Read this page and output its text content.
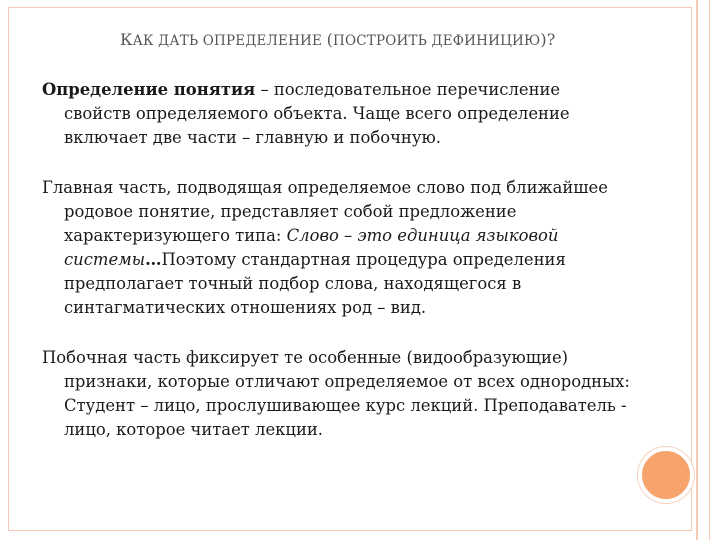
КАК ДАТЬ ОПРЕДЕЛЕНИЕ (ПОСТРОИТЬ ДЕФИНИЦИЮ)?

Определение понятия – последовательное перечисление свойств определяемого объекта. Чаще всего определение включает две части – главную и побочную.

Главная часть, подводящая определяемое слово под ближайшее родовое понятие, представляет собой предложение характеризующего типа: Слово – это единица языковой системы…Поэтому стандартная процедура определения предполагает точный подбор слова, находящегося в синтагматических отношениях род – вид.

Побочная часть фиксирует те особенные (видообразующие) признаки, которые отличают определяемое от всех однородных: Студент – лицо, прослушивающее курс лекций. Преподаватель - лицо, которое читает лекции.
